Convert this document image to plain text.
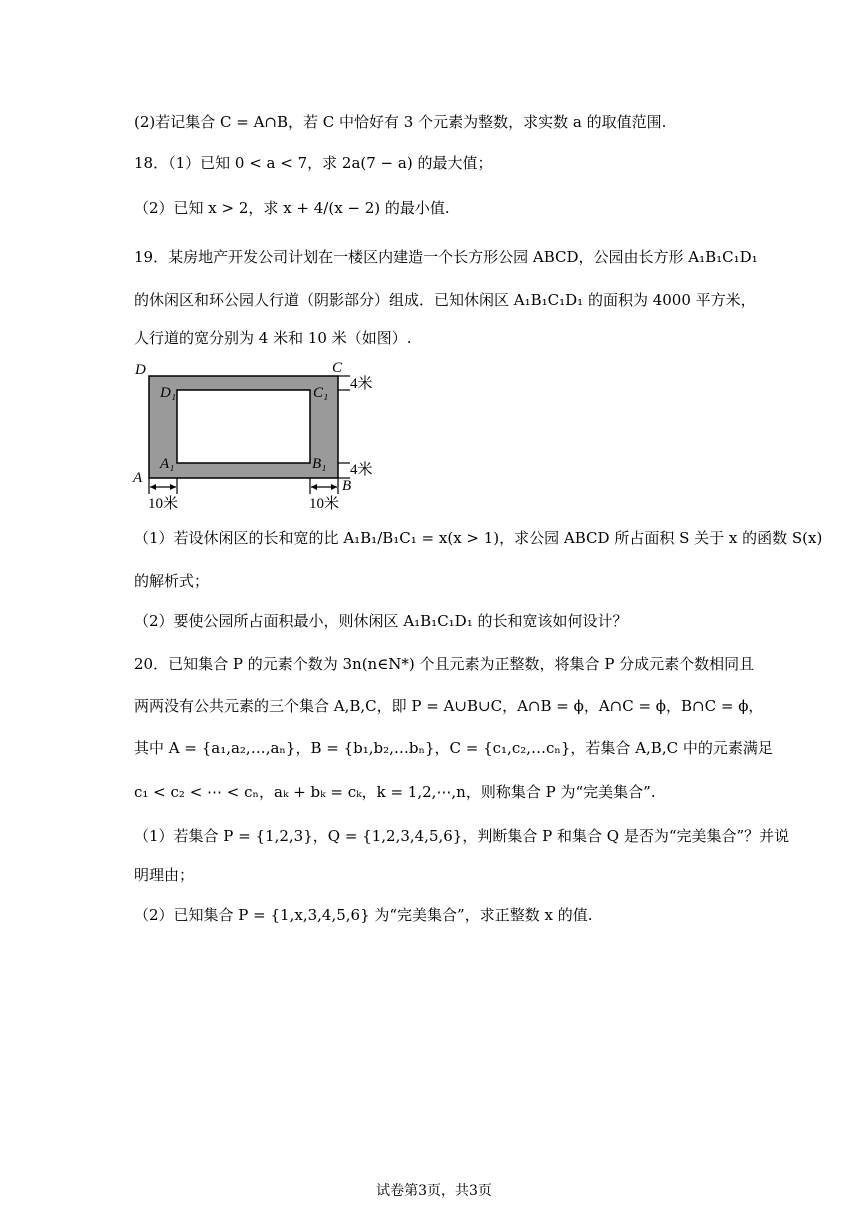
(2)若记集合 C = A∩B，若 C 中恰好有 3 个元素为整数，求实数 a 的取值范围.
18．（1）已知 0 < a < 7，求 2a(7 − a) 的最大值；
（2）已知 x > 2，求 x + 4/(x − 2) 的最小值.
19．某房地产开发公司计划在一楼区内建造一个长方形公园 ABCD，公园由长方形 A₁B₁C₁D₁
的休闲区和环公园人行道（阴影部分）组成．已知休闲区 A₁B₁C₁D₁ 的面积为 4000 平方米，
人行道的宽分别为 4 米和 10 米（如图）.
D	C
A	B
D₁	C₁
A₁	B₁
4米
4米
10米	10米
（1）若设休闲区的长和宽的比 A₁B₁/B₁C₁ = x(x > 1)，求公园 ABCD 所占面积 S 关于 x 的函数 S(x)
的解析式；
（2）要使公园所占面积最小，则休闲区 A₁B₁C₁D₁ 的长和宽该如何设计？
20．已知集合 P 的元素个数为 3n(n∈N*) 个且元素为正整数，将集合 P 分成元素个数相同且
两两没有公共元素的三个集合 A,B,C，即 P = A∪B∪C，A∩B = ϕ，A∩C = ϕ，B∩C = ϕ，
其中 A = {a₁,a₂,…,aₙ}，B = {b₁,b₂,…bₙ}，C = {c₁,c₂,…cₙ}，若集合 A,B,C 中的元素满足
c₁ < c₂ < ⋯ < cₙ，aₖ + bₖ = cₖ，k = 1,2,⋯,n，则称集合 P 为“完美集合”.
（1）若集合 P = {1,2,3}，Q = {1,2,3,4,5,6}，判断集合 P 和集合 Q 是否为“完美集合”？并说
明理由；
（2）已知集合 P = {1,x,3,4,5,6} 为“完美集合”，求正整数 x 的值.
试卷第3页，共3页
